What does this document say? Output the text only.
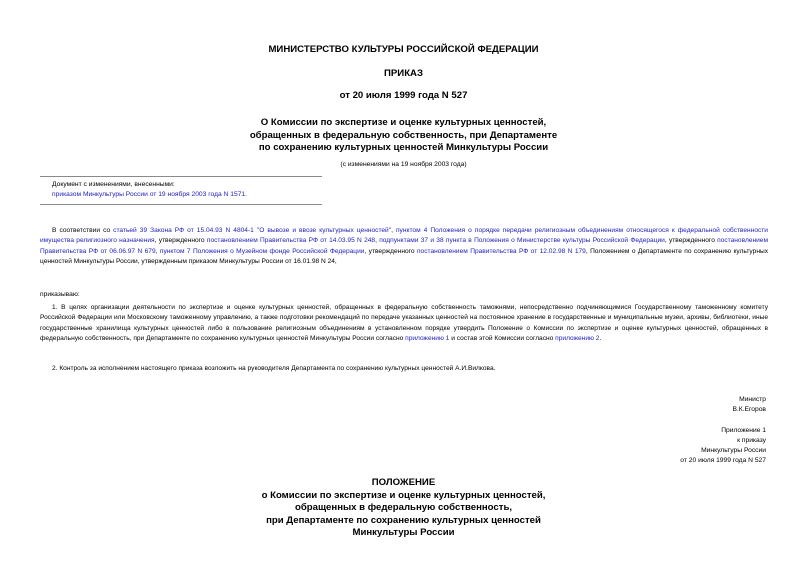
МИНИСТЕРСТВО КУЛЬТУРЫ РОССИЙСКОЙ ФЕДЕРАЦИИ
ПРИКАЗ
от 20 июля 1999 года N 527
О Комиссии по экспертизе и оценке культурных ценностей,
обращенных в федеральную собственность, при Департаменте
по сохранению культурных ценностей Минкультуры России
(с изменениями на 19 ноября 2003 года)
Документ с изменениями, внесенными:
приказом Минкультуры России от 19 ноября 2003 года N 1571.
В соответствии со статьей 39 Закона РФ от 15.04.93 N 4804-1 "О вывозе и ввозе культурных ценностей", пунктом 4 Положения о порядке передачи религиозным объединениям относящегося к федеральной собственности имущества религиозного назначения, утвержденного постановлением Правительства РФ от 14.03.95 N 248, подпунктами 37 и 38 пункта в Положения о Министерстве культуры Российской Федерации, утвержденного постановлением Правительства РФ от 06.06.97 N 679, пунктом 7 Положения о Музейном фонде Российской Федерации, утвержденного постановлением Правительства РФ от 12.02.98 N 179, Положением о Департаменте по сохранению культурных ценностей Минкультуры России, утвержденным приказом Минкультуры России от 16.01.98 N 24,
приказываю:
1. В целях организации деятельности по экспертизе и оценке культурных ценностей, обращенных в федеральную собственность таможнями, непосредственно подчиняющимися Государственному таможенному комитету Российской Федерации или Московскому таможенному управлению, а также подготовки рекомендаций по передаче указанных ценностей на постоянное хранение в государственные и муниципальные музеи, архивы, библиотеки, иные государственные хранилища культурных ценностей либо в пользование религиозным объединениям в установленном порядке утвердить Положение о Комиссии по экспертизе и оценке культурных ценностей, обращенных в федеральную собственность, при Департаменте по сохранению культурных ценностей Минкультуры России согласно приложению 1 и состав этой Комиссии согласно приложению 2.
2. Контроль за исполнением настоящего приказа возложить на руководителя Департамента по сохранению культурных ценностей А.И.Вилкова.
Министр
В.К.Егоров
Приложение 1
к приказу
Минкультуры России
от 20 июля 1999 года N 527
ПОЛОЖЕНИЕ
о Комиссии по экспертизе и оценке культурных ценностей,
обращенных в федеральную собственность,
при Департаменте по сохранению культурных ценностей
Минкультуры России
